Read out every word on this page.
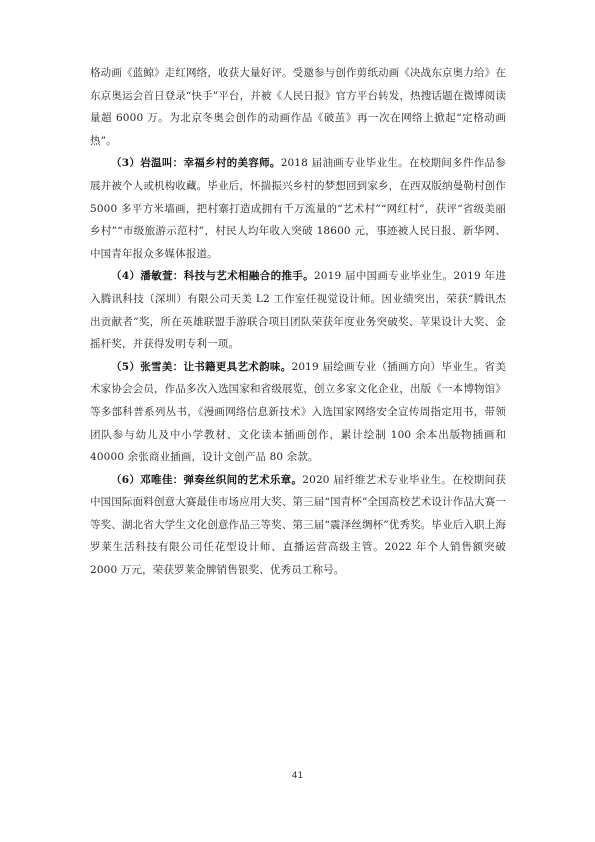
格动画《蓝鲸》走红网络，收获大量好评。受邀参与创作剪纸动画《决战东京奥力给》在东京奥运会首日登录“快手”平台，并被《人民日报》官方平台转发，热搜话题在微博阅读量超 6000 万。为北京冬奥会创作的动画作品《破茧》再一次在网络上掀起“定格动画热”。

（3）岩温叫：幸福乡村的美容师。2018 届油画专业毕业生。在校期间多件作品参展并被个人或机构收藏。毕业后，怀揣振兴乡村的梦想回到家乡，在西双版纳曼勒村创作 5000 多平方米墙画，把村寨打造成拥有千万流量的“艺术村”“网红村”，获评“省级美丽乡村”“市级旅游示范村”，村民人均年收入突破 18600 元，事迹被人民日报、新华网、中国青年报众多媒体报道。

（4）潘敏萱：科技与艺术相融合的推手。2019 届中国画专业毕业生。2019 年进入腾讯科技（深圳）有限公司天美 L2 工作室任视觉设计师。因业绩突出，荣获“腾讯杰出贡献者”奖，所在英雄联盟手游联合项目团队荣获年度业务突破奖、苹果设计大奖、金摇杆奖，并获得发明专利一项。

（5）张雪美：让书籍更具艺术韵味。2019 届绘画专业（插画方向）毕业生。省美术家协会会员，作品多次入选国家和省级展览，创立多家文化企业，出版《一本博物馆》等多部科普系列丛书，《漫画网络信息新技术》入选国家网络安全宣传周指定用书，带领团队参与幼儿及中小学教材、文化读本插画创作，累计绘制 100 余本出版物插画和 40000 余张商业插画，设计文创产品 80 余款。

（6）邓唯佳：弹奏丝织间的艺术乐章。2020 届纤维艺术专业毕业生。在校期间获中国国际面料创意大赛最佳市场应用大奖、第三届“国青杯”全国高校艺术设计作品大赛一等奖、湖北省大学生文化创意作品三等奖、第三届“震泽丝绸杯”优秀奖。毕业后入职上海罗莱生活科技有限公司任花型设计师、直播运营高级主管。2022 年个人销售额突破 2000 万元，荣获罗莱金牌销售银奖、优秀员工称号。

41
